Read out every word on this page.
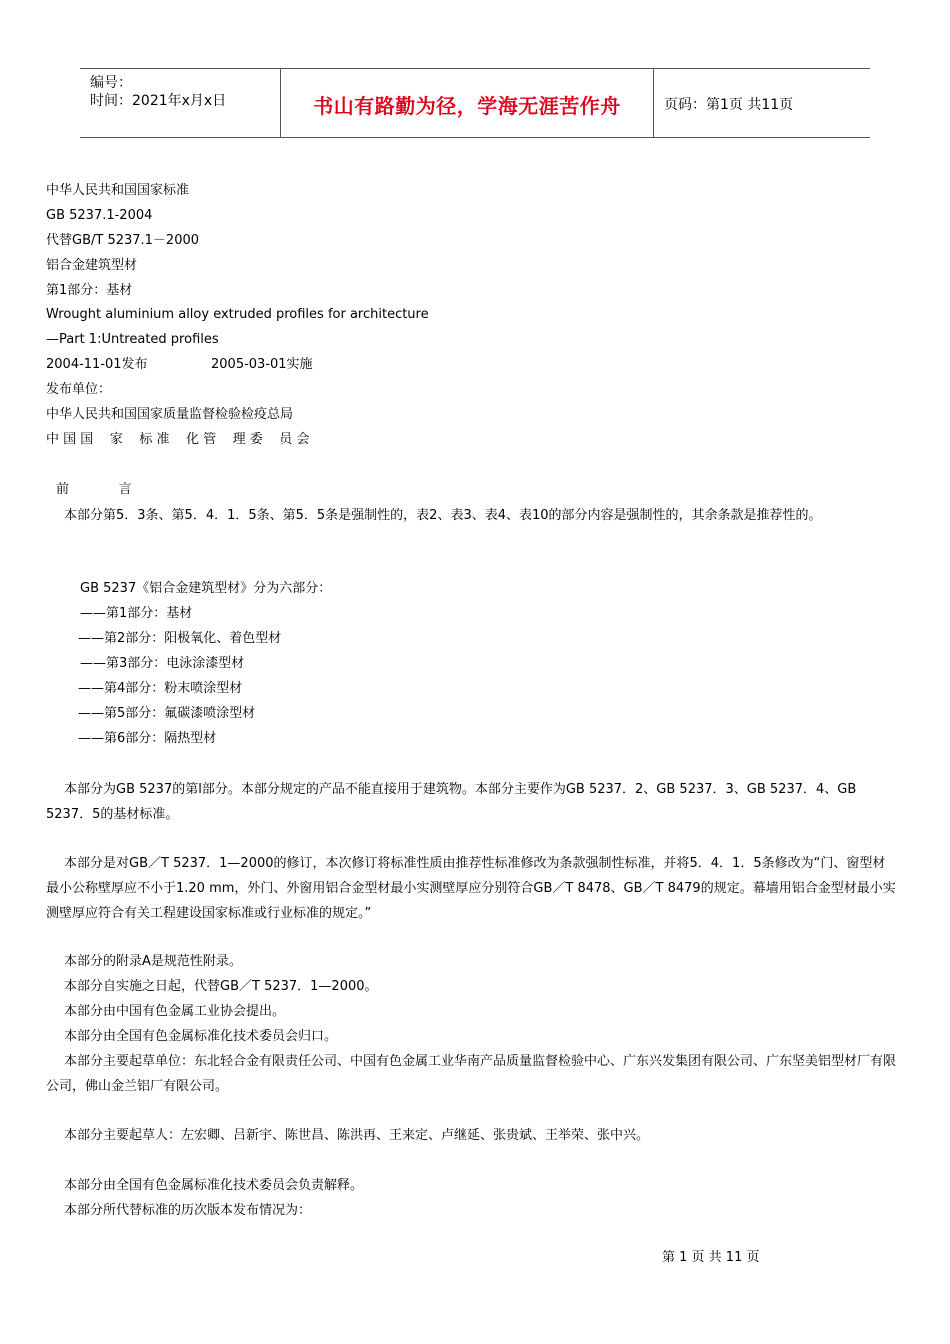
编号：
时间：2021年x月x日	书山有路勤为径，学海无涯苦作舟	页码：第1页 共11页
中华人民共和国国家标准
GB 5237.1-2004
代替GB/T 5237.1－2000
铝合金建筑型材
第1部分：基材
Wrought aluminium alloy extruded profiles for architecture
—Part 1:Untreated profiles
2004-11-01发布	2005-03-01实施
发布单位：
中华人民共和国国家质量监督检验检疫总局
中 国 国    家    标 准    化 管    理 委    员 会
前            言
本部分第5．3条、第5．4．1．5条、第5．5条是强制性的，表2、表3、表4、表10的部分内容是强制性的，其余条款是推荐性的。
GB 5237《铝合金建筑型材》分为六部分：
——第1部分：基材
——第2部分：阳极氧化、着色型材
——第3部分：电泳涂漆型材
——第4部分：粉末喷涂型材
——第5部分：氟碳漆喷涂型材
——第6部分：隔热型材
本部分为GB 5237的第l部分。本部分规定的产品不能直接用于建筑物。本部分主要作为GB 5237．2、GB 5237．3、GB 5237．4、GB 5237．5的基材标准。
本部分是对GB／T 5237．1—2000的修订，本次修订将标准性质由推荐性标准修改为条款强制性标准，并将5．4．1．5条修改为“门、窗型材最小公称壁厚应不小于1.20 mm，外门、外窗用铝合金型材最小实测壁厚应分别符合GB／T 8478、GB／T 8479的规定。幕墙用铝合金型材最小实测壁厚应符合有关工程建设国家标准或行业标准的规定。”
本部分的附录A是规范性附录。
本部分自实施之日起，代替GB／T 5237．1—2000。
本部分由中国有色金属工业协会提出。
本部分由全国有色金属标准化技术委员会归口。
本部分主要起草单位：东北轻合金有限责任公司、中国有色金属工业华南产品质量监督检验中心、广东兴发集团有限公司、广东坚美铝型材厂有限公司，佛山金兰铝厂有限公司。
本部分主要起草人：左宏卿、吕新宇、陈世昌、陈洪再、王来定、卢继延、张贵斌、王举荣、张中兴。
本部分由全国有色金属标准化技术委员会负责解释。
本部分所代替标准的历次版本发布情况为：
第 1 页 共 11 页
